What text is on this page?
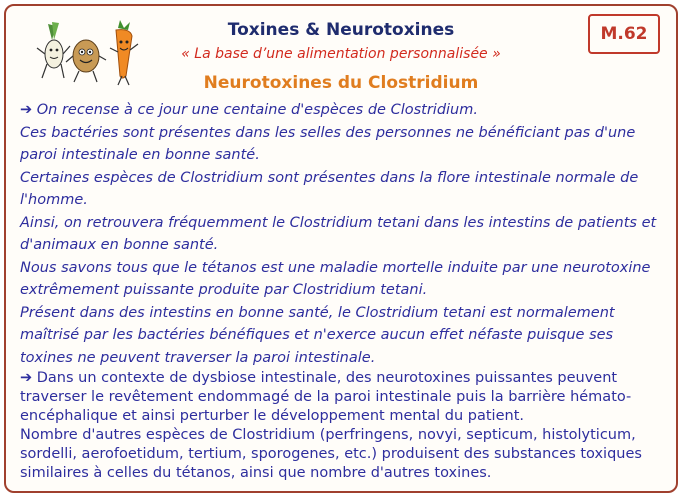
Toxines & Neurotoxines
« La base d’une alimentation personnalisée »
M.62
Neurotoxines du Clostridium

➔ On recense à ce jour une centaine d'espèces de Clostridium.

Ces bactéries sont présentes dans les selles des personnes ne bénéficiant pas d'une paroi intestinale en bonne santé.

Certaines espèces de Clostridium sont présentes dans la flore intestinale normale de l'homme.

Ainsi, on retrouvera fréquemment le Clostridium tetani dans les intestins de patients et d'animaux en bonne santé.

Nous savons tous que le tétanos est une maladie mortelle induite par une neurotoxine extrêmement puissante produite par Clostridium tetani.

Présent dans des intestins en bonne santé, le Clostridium tetani est normalement maîtrisé par les bactéries bénéfiques et n'exerce aucun effet néfaste puisque ses toxines ne peuvent traverser la paroi intestinale.

➔ Dans un contexte de dysbiose intestinale, des neurotoxines puissantes peuvent traverser le revêtement endommagé de la paroi intestinale puis la barrière hémato-encéphalique et ainsi perturber le développement mental du patient.

Nombre d'autres espèces de Clostridium (perfringens, novyi, septicum, histolyticum, sordelli, aerofoetidum, tertium, sporogenes, etc.) produisent des substances toxiques similaires à celles du tétanos, ainsi que nombre d'autres toxines.
